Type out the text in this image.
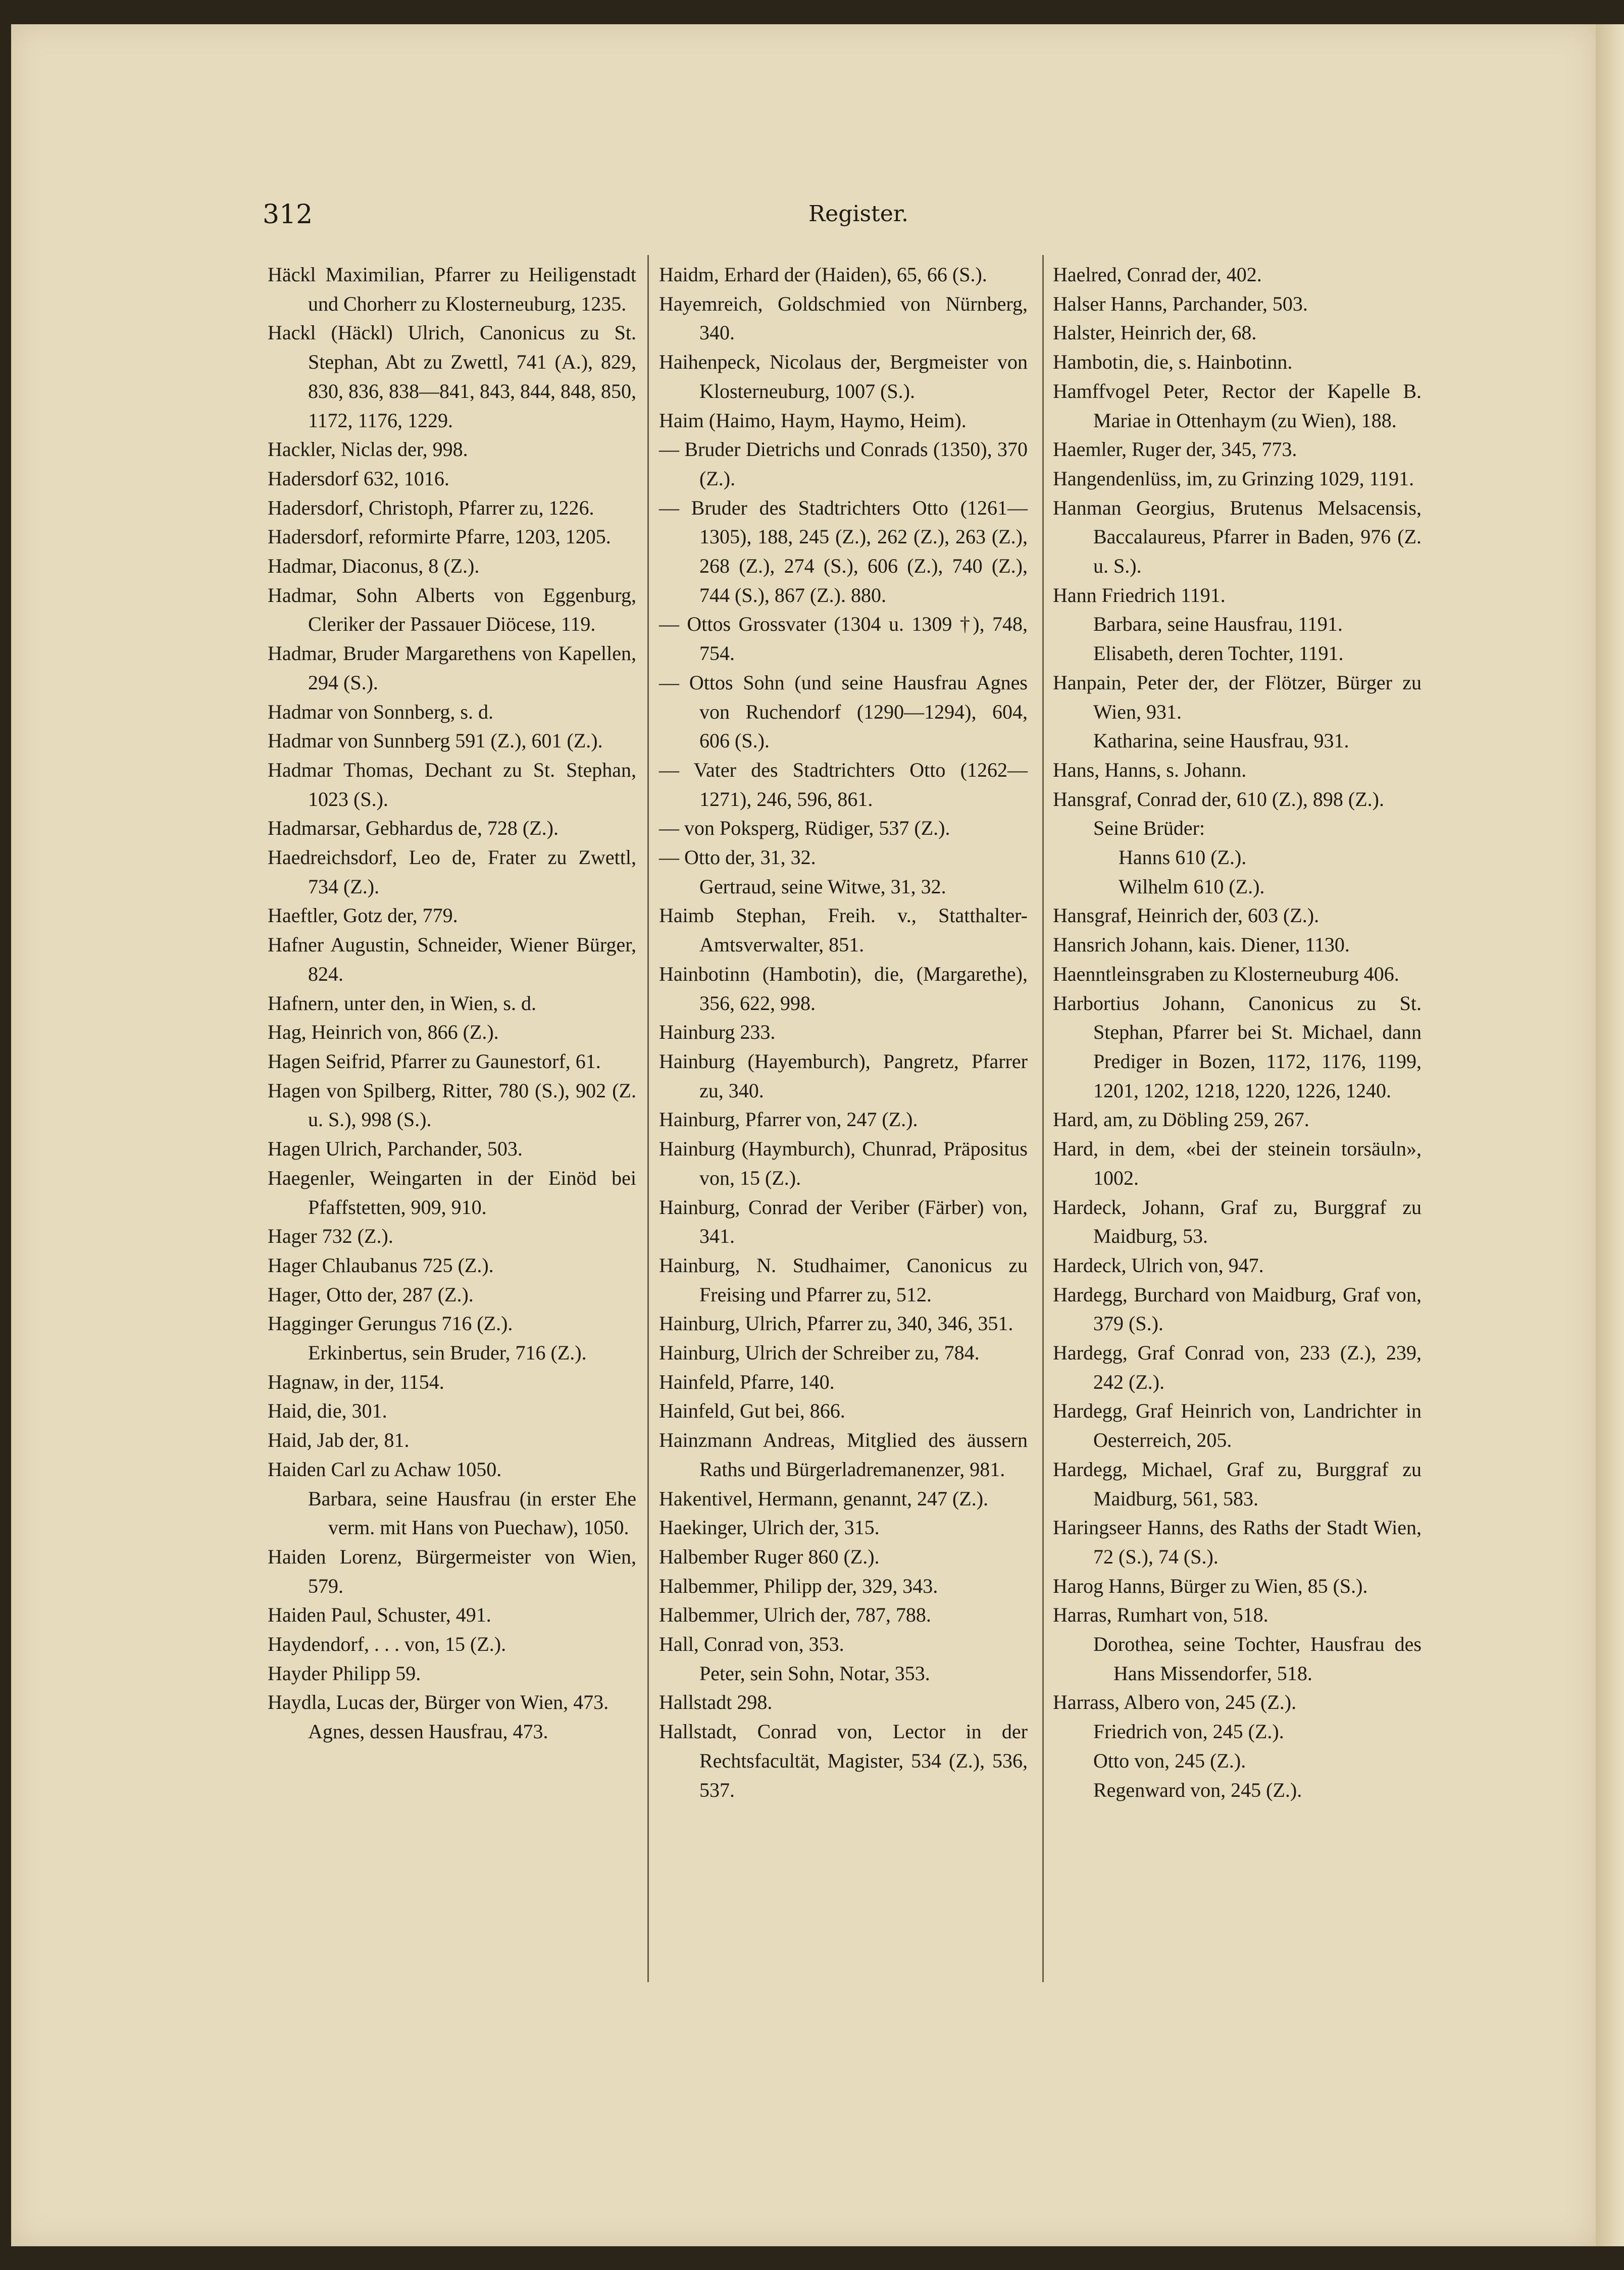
312	Register.

Häckl Maximilian, Pfarrer zu Heiligenstadt und Chorherr zu Klosterneuburg, 1235.

Hackl (Häckl) Ulrich, Canonicus zu St. Stephan, Abt zu Zwettl, 741 (A.), 829, 830, 836, 838—841, 843, 844, 848, 850, 1172, 1176, 1229.

Hackler, Niclas der, 998.

Hadersdorf 632, 1016.

Hadersdorf, Christoph, Pfarrer zu, 1226.

Hadersdorf, reformirte Pfarre, 1203, 1205.

Hadmar, Diaconus, 8 (Z.).

Hadmar, Sohn Alberts von Eggenburg, Cleriker der Passauer Diöcese, 119.

Hadmar, Bruder Margarethens von Kapellen, 294 (S.).

Hadmar von Sonnberg, s. d.

Hadmar von Sunnberg 591 (Z.), 601 (Z.).

Hadmar Thomas, Dechant zu St. Stephan, 1023 (S.).

Hadmarsar, Gebhardus de, 728 (Z.).

Haedreichsdorf, Leo de, Frater zu Zwettl, 734 (Z.).

Haeftler, Gotz der, 779.

Hafner Augustin, Schneider, Wiener Bürger, 824.

Hafnern, unter den, in Wien, s. d.

Hag, Heinrich von, 866 (Z.).

Hagen Seifrid, Pfarrer zu Gaunestorf, 61.

Hagen von Spilberg, Ritter, 780 (S.), 902 (Z. u. S.), 998 (S.).

Hagen Ulrich, Parchander, 503.

Haegenler, Weingarten in der Einöd bei Pfaffstetten, 909, 910.

Hager 732 (Z.).

Hager Chlaubanus 725 (Z.).

Hager, Otto der, 287 (Z.).

Hagginger Gerungus 716 (Z.).

Erkinbertus, sein Bruder, 716 (Z.).

Hagnaw, in der, 1154.

Haid, die, 301.

Haid, Jab der, 81.

Haiden Carl zu Achaw 1050.

Barbara, seine Hausfrau (in erster Ehe verm. mit Hans von Puechaw), 1050.

Haiden Lorenz, Bürgermeister von Wien, 579.

Haiden Paul, Schuster, 491.

Haydendorf, . . . von, 15 (Z.).

Hayder Philipp 59.

Haydla, Lucas der, Bürger von Wien, 473.

Agnes, dessen Hausfrau, 473.

Haidm, Erhard der (Haiden), 65, 66 (S.).

Hayemreich, Goldschmied von Nürnberg, 340.

Haihenpeck, Nicolaus der, Bergmeister von Klosterneuburg, 1007 (S.).

Haim (Haimo, Haym, Haymo, Heim).

— Bruder Dietrichs und Conrads (1350), 370 (Z.).

— Bruder des Stadtrichters Otto (1261—1305), 188, 245 (Z.), 262 (Z.), 263 (Z.), 268 (Z.), 274 (S.), 606 (Z.), 740 (Z.), 744 (S.), 867 (Z.). 880.

— Ottos Grossvater (1304 u. 1309 †), 748, 754.

— Ottos Sohn (und seine Hausfrau Agnes von Ruchendorf (1290—1294), 604, 606 (S.).

— Vater des Stadtrichters Otto (1262—1271), 246, 596, 861.

— von Poksperg, Rüdiger, 537 (Z.).

— Otto der, 31, 32.

Gertraud, seine Witwe, 31, 32.

Haimb Stephan, Freih. v., Statthalter-Amtsverwalter, 851.

Hainbotinn (Hambotin), die, (Margarethe), 356, 622, 998.

Hainburg 233.

Hainburg (Hayemburch), Pangretz, Pfarrer zu, 340.

Hainburg, Pfarrer von, 247 (Z.).

Hainburg (Haymburch), Chunrad, Präpositus von, 15 (Z.).

Hainburg, Conrad der Veriber (Färber) von, 341.

Hainburg, N. Studhaimer, Canonicus zu Freising und Pfarrer zu, 512.

Hainburg, Ulrich, Pfarrer zu, 340, 346, 351.

Hainburg, Ulrich der Schreiber zu, 784.

Hainfeld, Pfarre, 140.

Hainfeld, Gut bei, 866.

Hainzmann Andreas, Mitglied des äussern Raths und Bürgerladremanenzer, 981.

Hakentivel, Hermann, genannt, 247 (Z.).

Haekinger, Ulrich der, 315.

Halbember Ruger 860 (Z.).

Halbemmer, Philipp der, 329, 343.

Halbemmer, Ulrich der, 787, 788.

Hall, Conrad von, 353.

Peter, sein Sohn, Notar, 353.

Hallstadt 298.

Hallstadt, Conrad von, Lector in der Rechtsfacultät, Magister, 534 (Z.), 536, 537.

Haelred, Conrad der, 402.

Halser Hanns, Parchander, 503.

Halster, Heinrich der, 68.

Hambotin, die, s. Hainbotinn.

Hamffvogel Peter, Rector der Kapelle B. Mariae in Ottenhaym (zu Wien), 188.

Haemler, Ruger der, 345, 773.

Hangendenlüss, im, zu Grinzing 1029, 1191.

Hanman Georgius, Brutenus Melsacensis, Baccalaureus, Pfarrer in Baden, 976 (Z. u. S.).

Hann Friedrich 1191.

Barbara, seine Hausfrau, 1191.

Elisabeth, deren Tochter, 1191.

Hanpain, Peter der, der Flötzer, Bürger zu Wien, 931.

Katharina, seine Hausfrau, 931.

Hans, Hanns, s. Johann.

Hansgraf, Conrad der, 610 (Z.), 898 (Z.).

Seine Brüder:

Hanns 610 (Z.).

Wilhelm 610 (Z.).

Hansgraf, Heinrich der, 603 (Z.).

Hansrich Johann, kais. Diener, 1130.

Haenntleinsgraben zu Klosterneuburg 406.

Harbortius Johann, Canonicus zu St. Stephan, Pfarrer bei St. Michael, dann Prediger in Bozen, 1172, 1176, 1199, 1201, 1202, 1218, 1220, 1226, 1240.

Hard, am, zu Döbling 259, 267.

Hard, in dem, «bei der steinein torsäuln», 1002.

Hardeck, Johann, Graf zu, Burggraf zu Maidburg, 53.

Hardeck, Ulrich von, 947.

Hardegg, Burchard von Maidburg, Graf von, 379 (S.).

Hardegg, Graf Conrad von, 233 (Z.), 239, 242 (Z.).

Hardegg, Graf Heinrich von, Landrichter in Oesterreich, 205.

Hardegg, Michael, Graf zu, Burggraf zu Maidburg, 561, 583.

Haringseer Hanns, des Raths der Stadt Wien, 72 (S.), 74 (S.).

Harog Hanns, Bürger zu Wien, 85 (S.).

Harras, Rumhart von, 518.

Dorothea, seine Tochter, Hausfrau des Hans Missendorfer, 518.

Harrass, Albero von, 245 (Z.).

Friedrich von, 245 (Z.).

Otto von, 245 (Z.).

Regenward von, 245 (Z.).
